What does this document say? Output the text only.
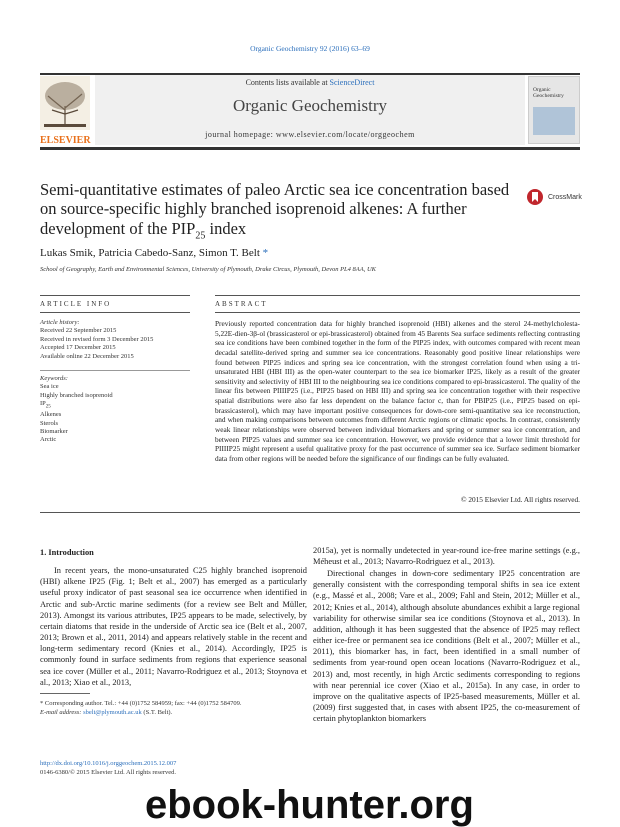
Organic Geochemistry 92 (2016) 63–69
Contents lists available at ScienceDirect
Organic Geochemistry
journal homepage: www.elsevier.com/locate/orggeochem
ELSEVIER
Organic Geochemistry
Semi-quantitative estimates of paleo Arctic sea ice concentration based on source-specific highly branched isoprenoid alkenes: A further development of the $PIP_{25}$ index
CrossMark
Lukas Smik, Patricia Cabedo-Sanz, Simon T. Belt *
School of Geography, Earth and Environmental Sciences, University of Plymouth, Drake Circus, Plymouth, Devon PL4 8AA, UK
ARTICLE INFO	ABSTRACT
Article history:
Received 22 September 2015
Received in revised form 3 December 2015
Accepted 17 December 2015
Available online 22 December 2015
Keywords:
Sea ice
Highly branched isoprenoid
$IP_{25}$
Alkenes
Sterols
Biomarker
Arctic
Previously reported concentration data for highly branched isoprenoid (HBI) alkenes and the sterol 24-methylcholesta-5,22E-dien-3β-ol (brassicasterol or epi-brassicasterol) obtained from 45 Barents Sea surface sediments reflecting contrasting sea ice conditions have been combined together in the form of the PIP25 index, with outcomes compared with recent mean decadal satellite-derived spring and summer sea ice concentrations. Reasonably good positive linear relationships were found between PIP25 indices and spring sea ice concentration, with the strongest correlation found when using a tri-unsaturated HBI (HBI III) as the open-water counterpart to the sea ice biomarker IP25, likely as a result of the greater sensitivity and selectivity of HBI III to the neighbouring sea ice conditions compared to epi-brassicasterol. The quality of the linear fits between PIIIIP25 (i.e., PIP25 based on HBI III) and spring sea ice concentration together with their respective spatial distributions were also far less dependent on the balance factor c, than for PBIP25 (i.e., PIP25 based on epi-brassicasterol), which may have important positive consequences for down-core semi-quantitative sea ice reconstruction, and when making comparisons between outcomes from different Arctic regions or climatic epochs. In contrast, consistently weak linear relationships were observed between individual biomarkers and spring or summer sea ice concentration, and between PIP25 values and summer sea ice concentration. However, we provide evidence that a lower limit threshold for PIIIIP25 might represent a useful qualitative proxy for the past occurrence of summer sea ice. Surface sediment biomarker data from other regions will be needed before the significance of our findings can be fully evaluated.
© 2015 Elsevier Ltd. All rights reserved.
1. Introduction
In recent years, the mono-unsaturated C25 highly branched isoprenoid (HBI) alkene IP25 (Fig. 1; Belt et al., 2007) has emerged as a particularly useful proxy indicator of past seasonal sea ice occurrence when identified in Arctic and sub-Arctic marine sediments (for a review see Belt and Müller, 2013). Amongst its various attributes, IP25 appears to be made, selectively, by certain diatoms that reside in the underside of Arctic sea ice (Belt et al., 2007, 2013; Brown et al., 2011, 2014) and appears relatively stable in the recent and long-term sedimentary record (Knies et al., 2014). Accordingly, IP25 is commonly found in surface sediments from regions that experience seasonal sea ice cover (Müller et al., 2011; Navarro-Rodriguez et al., 2013; Stoynova et al., 2013; Xiao et al., 2013,
2015a), yet is normally undetected in year-round ice-free marine settings (e.g., Méheust et al., 2013; Navarro-Rodriguez et al., 2013).
Directional changes in down-core sedimentary IP25 concentration are generally consistent with the corresponding temporal shifts in sea ice extent (e.g., Massé et al., 2008; Vare et al., 2009; Fahl and Stein, 2012; Müller et al., 2012; Knies et al., 2014), although absolute abundances exhibit a large regional variability for otherwise similar sea ice conditions (Stoynova et al., 2013). In addition, although it has been suggested that the absence of IP25 may reflect either ice-free or permanent sea ice conditions (Belt et al., 2007; Müller et al., 2011), this biomarker has, in fact, been identified in a small number of sediments from year-round open ocean locations (Navarro-Rodriguez et al., 2013) and, most recently, in high Arctic sediments corresponding to regions with near perennial ice cover (Xiao et al., 2015a). In any case, in order to improve on the qualitative aspects of IP25-based measurements, Müller et al. (2009) first suggested that, in cases with absent IP25, the co-measurement of certain phytoplankton biomarkers
* Corresponding author. Tel.: +44 (0)1752 584959; fax: +44 (0)1752 584709.
E-mail address: sbelt@plymouth.ac.uk (S.T. Belt).
http://dx.doi.org/10.1016/j.orggeochem.2015.12.007
0146-6380/© 2015 Elsevier Ltd. All rights reserved.
ebook-hunter.org
